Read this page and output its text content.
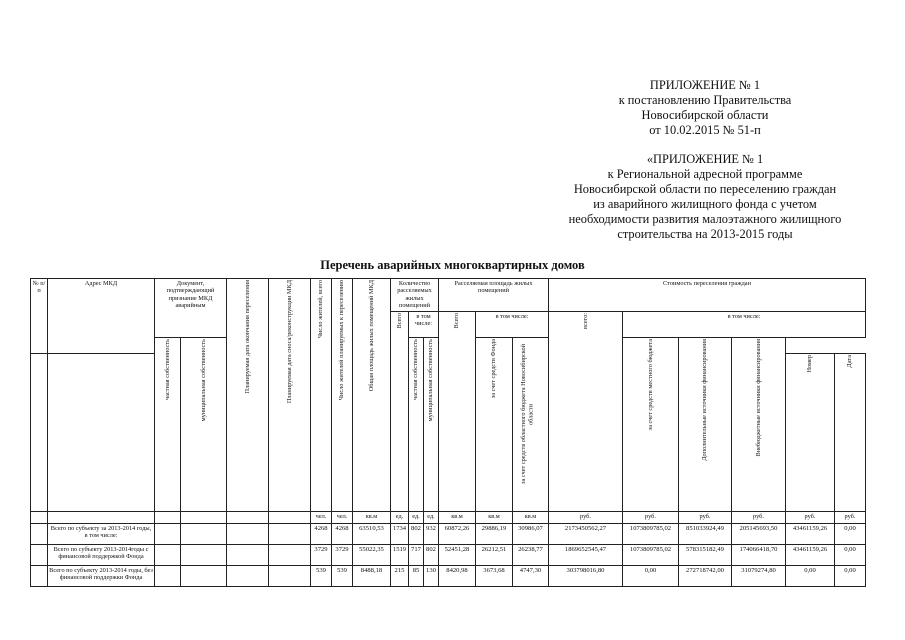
ПРИЛОЖЕНИЕ № 1
к постановлению Правительства
Новосибирской области
от 10.02.2015 № 51-п
«ПРИЛОЖЕНИЕ № 1
к Региональной адресной программе
Новосибирской области по переселению граждан
из аварийного жилищного фонда с учетом
необходимости развития малоэтажного жилищного
строительства на 2013-2015 годы
Перечень аварийных многоквартирных домов
№ п/п	Адрес МКД	Документ, подтверждающий признание МКД аварийным		Планируемая дата окончания переселения	Планируемая дата сноса/реконструкции МКД	Число жителей, всего	Число жителей планируемых к переселению	Общая площадь жилых помещений МКД	Количество расселяемых жилых помещений			Расселяемая площадь жилых помещений			Стоимость переселения граждан					
									Всего	в том числе:		Всего	в том числе:		всего:	в том числе:				
		частная собственность	муниципальная собственность							частная собственность	муниципальная собственность		за счет средств Фонда	за счет средств областного бюджета Новосибирской области		за счет средств местного бюджета	Дополнительные источники финансирования	Внебюджетные источники финансирования		
																			Номер	Дата
						чел.	чел.	кв.м	ед.	ед.	ед.	кв.м	кв.м	кв.м	руб.	руб.	руб.	руб.	руб.	руб.
	Всего по субъекту за 2013-2014 годы, в том числе:					4268	4268	63510,53	1734	802	932	60872,26	29886,19	30986,07	2173450562,27	1073809785,02	851033924,49	205145693,50	43461159,26	0,00
	Всего по субъекту 2013-2014годы с финансовой поддержкой Фонда					3729	3729	55022,35	1519	717	802	52451,28	26212,51	26238,77	1869652545,47	1073809785,02	578315182,49	174066418,70	43461159,26	0,00
	Всего по субъекту 2013-2014 годы, без финансовой поддержки Фонда					539	539	8488,18	215	85	130	8420,98	3673,68	4747,30	303798016,80	0,00	272718742,00	31079274,80	0,00	0,00
